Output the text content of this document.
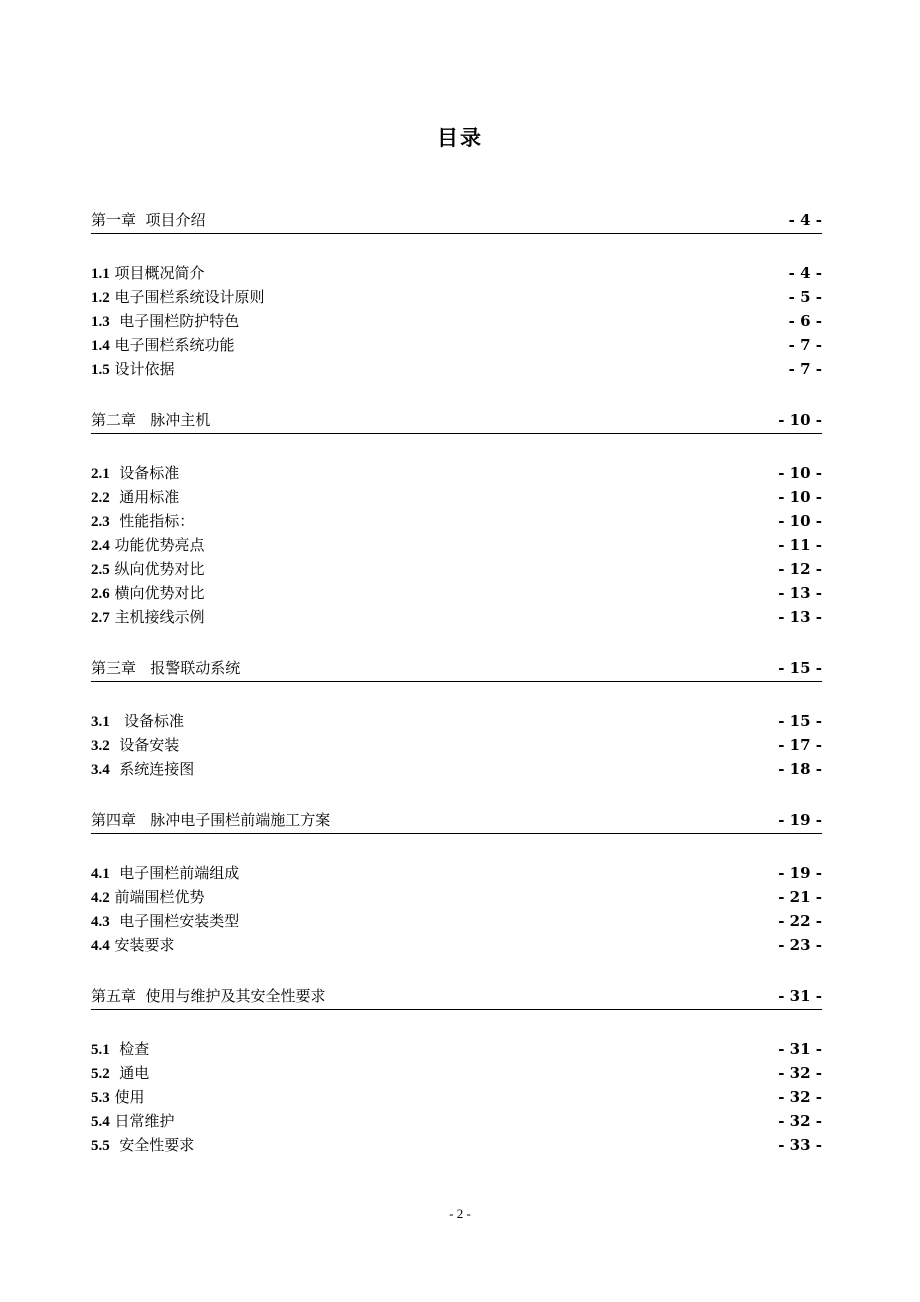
目录
第一章  项目介绍	- 4 -
1.1 项目概况简介	- 4 -
1.2 电子围栏系统设计原则	- 5 -
1.3  电子围栏防护特色	- 6 -
1.4 电子围栏系统功能	- 7 -
1.5 设计依据	- 7 -
第二章   脉冲主机	- 10 -
2.1  设备标准	- 10 -
2.2  通用标准	- 10 -
2.3  性能指标：	- 10 -
2.4 功能优势亮点	- 11 -
2.5 纵向优势对比	- 12 -
2.6 横向优势对比	- 13 -
2.7 主机接线示例	- 13 -
第三章   报警联动系统	- 15 -
3.1   设备标准	- 15 -
3.2  设备安装	- 17 -
3.4  系统连接图	- 18 -
第四章   脉冲电子围栏前端施工方案	- 19 -
4.1  电子围栏前端组成	- 19 -
4.2 前端围栏优势	- 21 -
4.3  电子围栏安装类型	- 22 -
4.4 安装要求	- 23 -
第五章  使用与维护及其安全性要求	- 31 -
5.1  检查	- 31 -
5.2  通电	- 32 -
5.3 使用	- 32 -
5.4 日常维护	- 32 -
5.5  安全性要求	- 33 -
- 2 -
